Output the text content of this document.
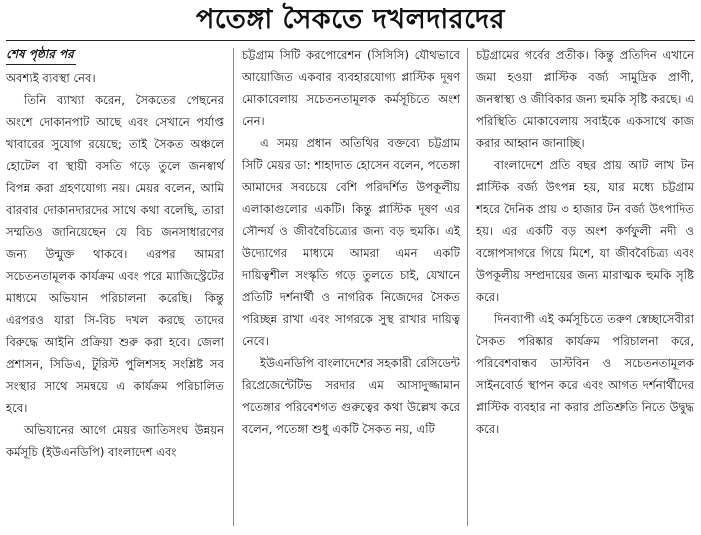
পতেঙ্গা সৈকতে দখলদারদের
শেষ পৃষ্ঠার পর

অবশ্যই ব্যবস্থা নেব।

তিনি ব্যাখ্যা করেন, সৈকতের পেছনের অংশে দোকানপাট আছে এবং সেখানে পর্যাপ্ত খাবারের সুযোগ রয়েছে; তাই সৈকত অঞ্চলে হোটেল বা স্থায়ী বসতি গড়ে তুলে জনস্বার্থ বিপন্ন করা গ্রহণযোগ্য নয়। মেয়র বলেন, আমি বারবার দোকানদারদের সাথে কথা বলেছি, তারা সম্মতিও জানিয়েছেন যে বিচ জনসাধারণের জন্য উন্মুক্ত থাকবে। এরপর আমরা সচেতনতামূলক কার্যক্রম এবং পরে ম্যাজিস্ট্রেটের মাধ্যমে অভিযান পরিচালনা করেছি। কিন্তু এরপরও যারা সি-বিচ দখল করছে তাদের বিরুদ্ধে আইনি প্রক্রিয়া শুরু করা হবে। জেলা প্রশাসন, সিডিএ, টুরিস্ট পুলিশসহ সংশ্লিষ্ট সব সংস্থার সাথে সমন্বয়ে এ কার্যক্রম পরিচালিত হবে।

অভিযানের আগে মেয়র জাতিসংঘ উন্নয়ন কর্মসূচি (ইউএনডিপি) বাংলাদেশ এবং

চট্টগ্রাম সিটি করপোরেশন (সিসিসি) যৌথভাবে আয়োজিত একবার ব্যবহারযোগ্য প্লাস্টিক দূষণ মোকাবেলায় সচেতনতামূলক কর্মসূচিতে অংশ নেন।

এ সময় প্রধান অতিথির বক্তব্যে চট্টগ্রাম সিটি মেয়র ডা: শাহাদাত হোসেন বলেন, পতেঙ্গা আমাদের সবচেয়ে বেশি পরিদর্শিত উপকূলীয় এলাকাগুলোর একটি। কিন্তু প্লাস্টিক দূষণ এর সৌন্দর্য ও জীববৈচিত্র্যের জন্য বড় হুমকি। এই উদ্যোগের মাধ্যমে আমরা এমন একটি দায়িত্বশীল সংস্কৃতি গড়ে তুলতে চাই, যেখানে প্রতিটি দর্শনার্থী ও নাগরিক নিজেদের সৈকত পরিচ্ছন্ন রাখা এবং সাগরকে সুস্থ রাখার দায়িত্ব নেবে।

ইউএনডিপি বাংলাদেশের সহকারী রেসিডেন্ট রিপ্রেজেন্টেটিভ সরদার এম আসাদুজ্জামান পতেঙ্গার পরিবেশগত গুরুত্বের কথা উল্লেখ করে বলেন, পতেঙ্গা শুধু একটি সৈকত নয়, এটি

চট্টগ্রামের গর্বের প্রতীক। কিন্তু প্রতিদিন এখানে জমা হওয়া প্লাস্টিক বর্জ্য সামুদ্রিক প্রাণী, জনস্বাস্থ্য ও জীবিকার জন্য হুমকি সৃষ্টি করছে। এ পরিস্থিতি মোকাবেলায় সবাইকে একসাথে কাজ করার আহ্বান জানাচ্ছি।

বাংলাদেশে প্রতি বছর প্রায় আট লাখ টন প্লাস্টিক বর্জ্য উৎপন্ন হয়, যার মধ্যে চট্টগ্রাম শহরে দৈনিক প্রায় ৩ হাজার টন বর্জ্য উৎপাদিত হয়। এর একটি বড় অংশ কর্ণফুলী নদী ও বঙ্গোপসাগরে গিয়ে মিশে, যা জীববৈচিত্র্য এবং উপকূলীয় সম্প্রদায়ের জন্য মারাত্মক হুমকি সৃষ্টি করে।

দিনব্যাপী এই কর্মসূচিতে তরুণ স্বেচ্ছাসেবীরা সৈকত পরিষ্কার কার্যক্রম পরিচালনা করে, পরিবেশবান্ধব ডাস্টবিন ও সচেতনতামূলক সাইনবোর্ড স্থাপন করে এবং আগত দর্শনার্থীদের প্লাস্টিক ব্যবহার না করার প্রতিশ্রুতি নিতে উদ্বুদ্ধ করে।
